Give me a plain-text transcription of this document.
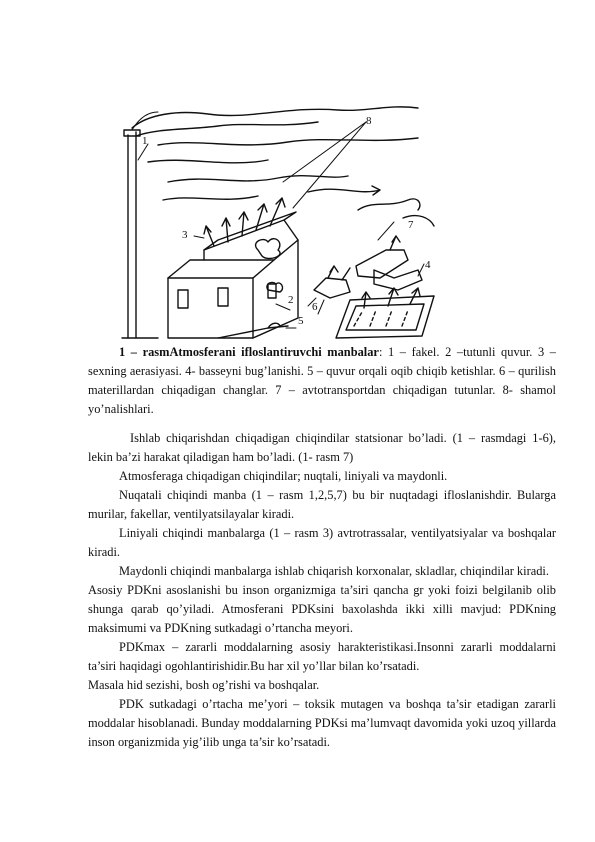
1
2
3
4
5
6
7
8

1 – rasmAtmosferani ifloslantiruvchi manbalar: 1 – fakel. 2 –tutunli quvur. 3 – sexning aerasiyasi. 4- basseyni bug’lanishi. 5 – quvur orqali oqib chiqib ketishlar. 6 – qurilish materillardan chiqadigan changlar. 7 – avtotransportdan chiqadigan tutunlar. 8- shamol yo’nalishlari.

Ishlab chiqarishdan chiqadigan chiqindilar statsionar bo’ladi. (1 – rasmdagi 1-6), lekin ba’zi harakat qiladigan ham bo’ladi. (1- rasm 7)

Atmosferaga chiqadigan chiqindilar; nuqtali, liniyali va maydonli.

Nuqatali chiqindi manba (1 – rasm 1,2,5,7) bu bir nuqtadagi ifloslanishdir. Bularga murilar, fakellar, ventilyatsilayalar kiradi.

Liniyali chiqindi manbalarga (1 – rasm 3) avtrotrassalar, ventilyatsiyalar va boshqalar kiradi.

Maydonli chiqindi manbalarga ishlab chiqarish korxonalar, skladlar, chiqindilar kiradi.

Asosiy PDKni asoslanishi bu inson organizmiga ta’siri qancha gr yoki foizi belgilanib olib shunga qarab qo’yiladi. Atmosferani PDKsini baxolashda ikki xilli mavjud: PDKning maksimumi va PDKning sutkadagi o’rtancha meyori.

PDKmax – zararli moddalarning asosiy harakteristikasi.Insonni zararli moddalarni ta’siri haqidagi ogohlantirishidir.Bu har xil yo’llar bilan ko’rsatadi.

Masala hid sezishi, bosh og’rishi va boshqalar.

PDK sutkadagi o’rtacha me’yori – toksik mutagen va boshqa ta’sir etadigan zararli moddalar hisoblanadi. Bunday moddalarning PDKsi ma’lumvaqt davomida yoki uzoq yillarda inson organizmida yig’ilib unga ta’sir ko’rsatadi.
